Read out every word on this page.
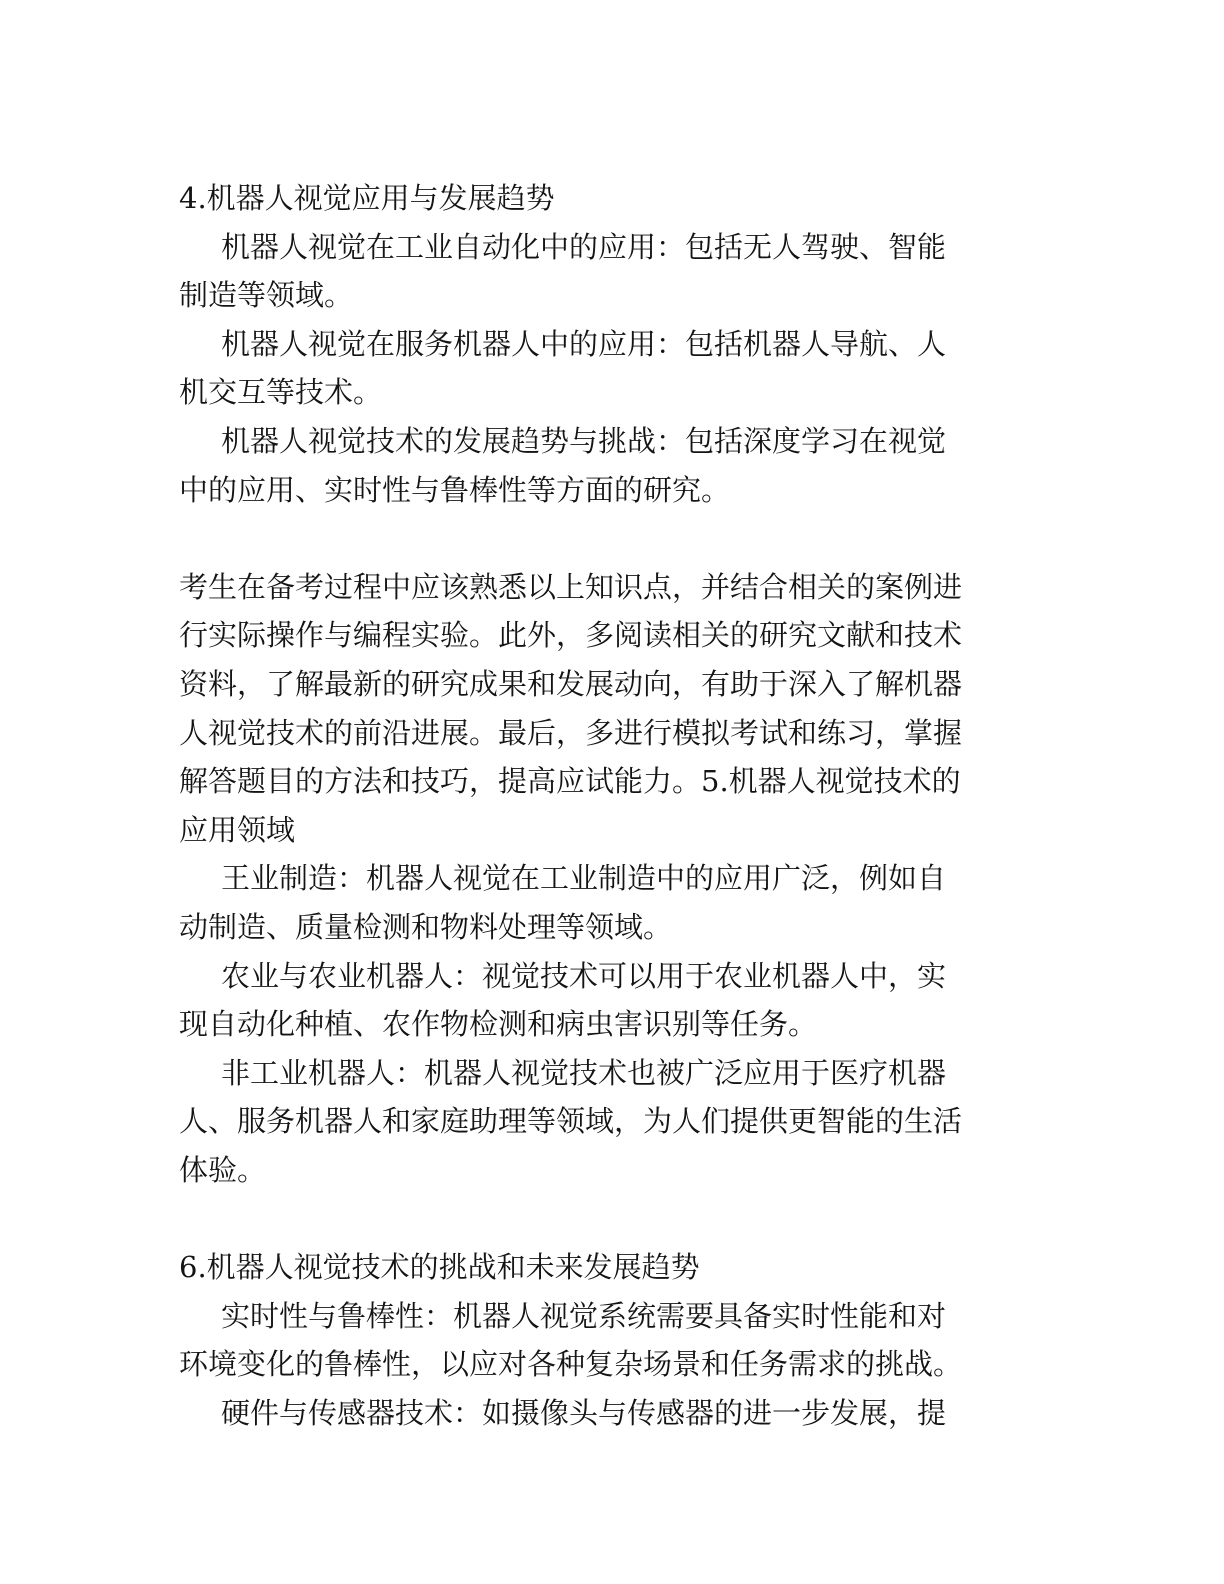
4.机器人视觉应用与发展趋势
机器人视觉在工业自动化中的应用：包括无人驾驶、智能
制造等领域。
机器人视觉在服务机器人中的应用：包括机器人导航、人
机交互等技术。
机器人视觉技术的发展趋势与挑战：包括深度学习在视觉
中的应用、实时性与鲁棒性等方面的研究。
考生在备考过程中应该熟悉以上知识点，并结合相关的案例进
行实际操作与编程实验。此外，多阅读相关的研究文献和技术
资料，了解最新的研究成果和发展动向，有助于深入了解机器
人视觉技术的前沿进展。最后，多进行模拟考试和练习，掌握
解答题目的方法和技巧，提高应试能力。5.机器人视觉技术的
应用领域
王业制造：机器人视觉在工业制造中的应用广泛，例如自
动制造、质量检测和物料处理等领域。
农业与农业机器人：视觉技术可以用于农业机器人中，实
现自动化种植、农作物检测和病虫害识别等任务。
非工业机器人：机器人视觉技术也被广泛应用于医疗机器
人、服务机器人和家庭助理等领域，为人们提供更智能的生活
体验。
6.机器人视觉技术的挑战和未来发展趋势
实时性与鲁棒性：机器人视觉系统需要具备实时性能和对
环境变化的鲁棒性，以应对各种复杂场景和任务需求的挑战。
硬件与传感器技术：如摄像头与传感器的进一步发展，提
